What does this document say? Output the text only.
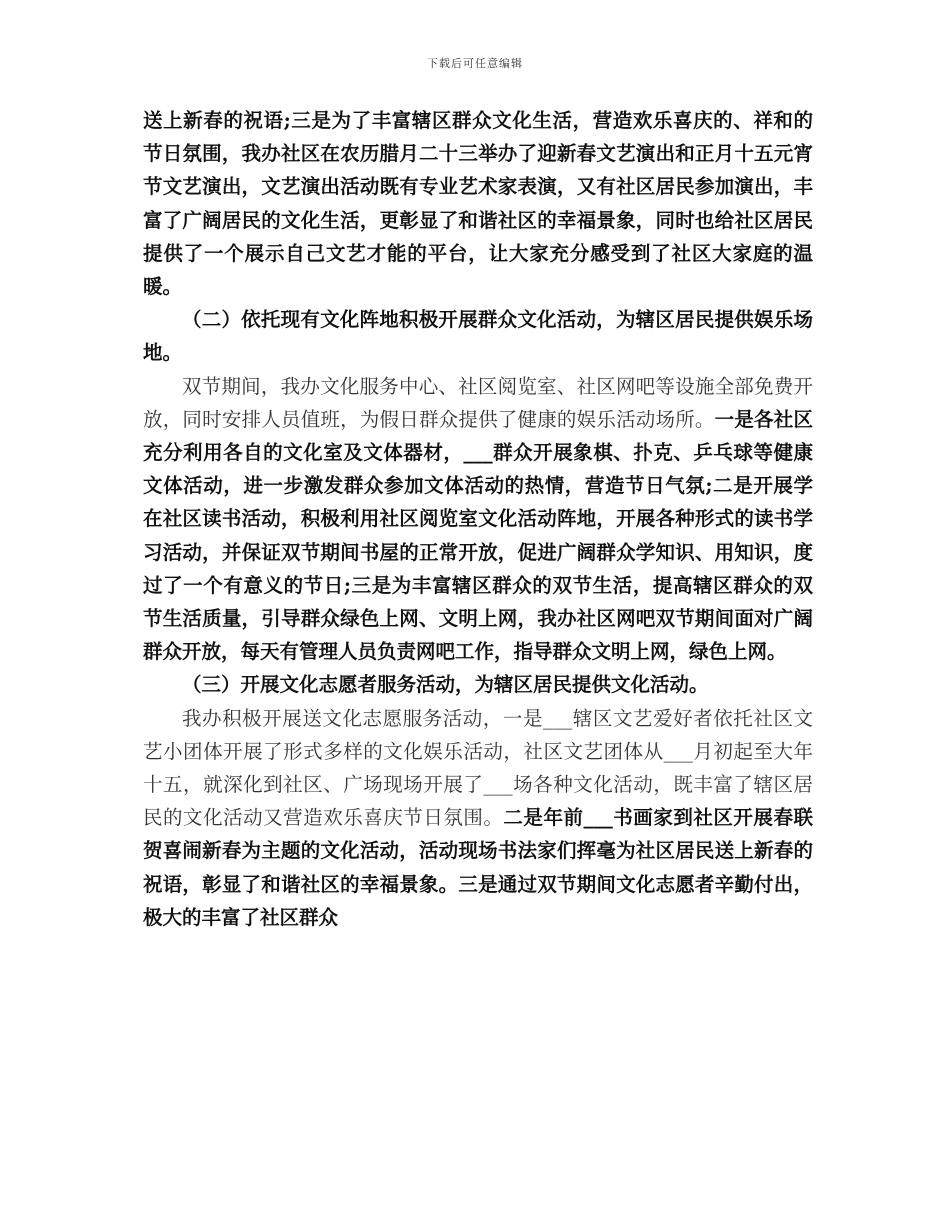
下载后可任意编辑

送上新春的祝语;三是为了丰富辖区群众文化生活，营造欢乐喜庆的、祥和的节日氛围，我办社区在农历腊月二十三举办了迎新春文艺演出和正月十五元宵节文艺演出，文艺演出活动既有专业艺术家表演，又有社区居民参加演出，丰富了广阔居民的文化生活，更彰显了和谐社区的幸福景象，同时也给社区居民提供了一个展示自己文艺才能的平台，让大家充分感受到了社区大家庭的温暖。

（二）依托现有文化阵地积极开展群众文化活动，为辖区居民提供娱乐场地。

双节期间，我办文化服务中心、社区阅览室、社区网吧等设施全部免费开放，同时安排人员值班，为假日群众提供了健康的娱乐活动场所。一是各社区充分利用各自的文化室及文体器材，___群众开展象棋、扑克、乒乓球等健康文体活动，进一步激发群众参加文体活动的热情，营造节日气氛;二是开展学在社区读书活动，积极利用社区阅览室文化活动阵地，开展各种形式的读书学习活动，并保证双节期间书屋的正常开放，促进广阔群众学知识、用知识，度过了一个有意义的节日;三是为丰富辖区群众的双节生活，提高辖区群众的双节生活质量，引导群众绿色上网、文明上网，我办社区网吧双节期间面对广阔群众开放，每天有管理人员负责网吧工作，指导群众文明上网，绿色上网。

（三）开展文化志愿者服务活动，为辖区居民提供文化活动。

我办积极开展送文化志愿服务活动，一是___辖区文艺爱好者依托社区文艺小团体开展了形式多样的文化娱乐活动，社区文艺团体从___月初起至大年十五，就深化到社区、广场现场开展了___场各种文化活动，既丰富了辖区居民的文化活动又营造欢乐喜庆节日氛围。二是年前___书画家到社区开展春联贺喜闹新春为主题的文化活动，活动现场书法家们挥毫为社区居民送上新春的祝语，彰显了和谐社区的幸福景象。三是通过双节期间文化志愿者辛勤付出，极大的丰富了社区群众
